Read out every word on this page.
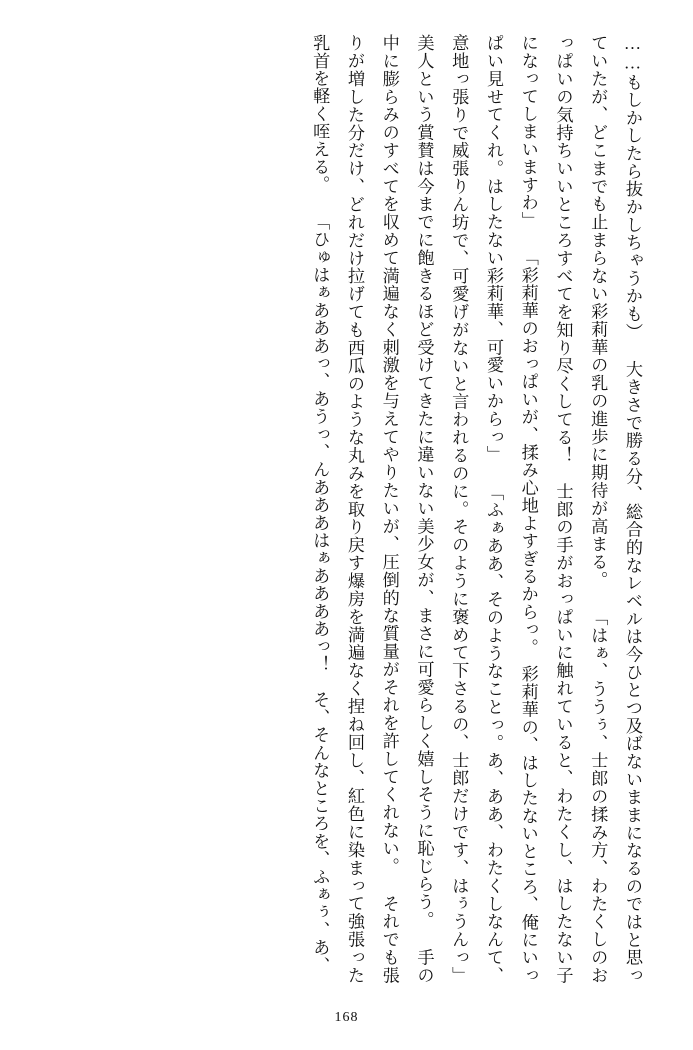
……もしかしたら抜かしちゃうかも） 大きさで勝る分、総合的なレベルは今ひとつ及ばないままになるのではと思っていたが、どこまでも止まらない彩莉華の乳の進歩に期待が高まる。 「はぁ、ううぅ、士郎の揉み方、わたくしのおっぱいの気持ちいいところすべてを知り尽くしてる！　士郎の手がおっぱいに触れていると、わたくし、はしたない子になってしまいますわ」 「彩莉華のおっぱいが、揉み心地よすぎるからっ。　彩莉華の、はしたないところ、俺にいっぱい見せてくれ。はしたない彩莉華、可愛いからっ」 「ふぁああ、そのようなことっ。あ、ああ、わたくしなんて、意地っ張りで威張りん坊で、可愛げがないと言われるのに。そのように褒めて下さるの、士郎だけです、はぅうんっ」 美人という賞賛は今までに飽きるほど受けてきたに違いない美少女が、まさに可愛らしく嬉しそうに恥じらう。 手の中に膨らみのすべてを収めて満遍なく刺激を与えてやりたいが、圧倒的な質量がそれを許してくれない。 それでも張りが増した分だけ、どれだけ拉げても西瓜のような丸みを取り戻す爆房を満遍なく捏ね回し、紅色に染まって強張った乳首を軽く咥える。 「ひゅはぁあああっ、あうっ、んあああはぁああああっ！　そ、そんなところを、ふぁぅ、あ、
168
